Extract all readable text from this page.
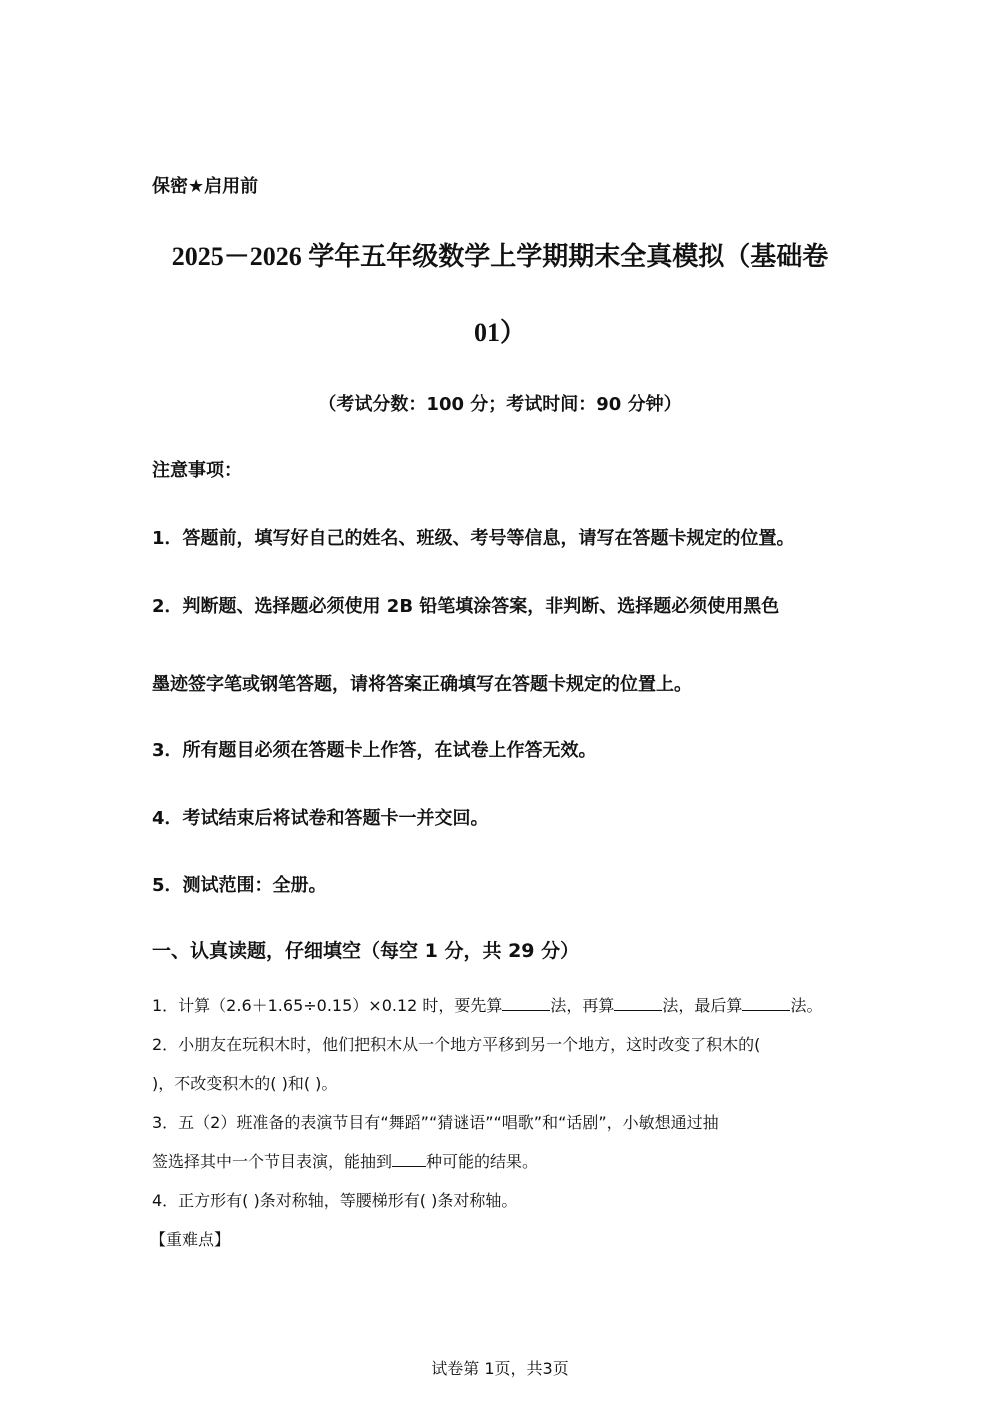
保密★启用前
2025－2026 学年五年级数学上学期期末全真模拟（基础卷
01）
（考试分数：100 分；考试时间：90 分钟）
注意事项：
1．答题前，填写好自己的姓名、班级、考号等信息，请写在答题卡规定的位置。
2．判断题、选择题必须使用 2B 铅笔填涂答案，非判断、选择题必须使用黑色
墨迹签字笔或钢笔答题，请将答案正确填写在答题卡规定的位置上。
3．所有题目必须在答题卡上作答，在试卷上作答无效。
4．考试结束后将试卷和答题卡一并交回。
5．测试范围：全册。
一、认真读题，仔细填空（每空 1 分，共 29 分）
1．计算（2.6＋1.65÷0.15）×0.12 时，要先算	法，再算	法，最后算	法。
2．小朋友在玩积木时，他们把积木从一个地方平移到另一个地方，这时改变了积木的(
)，不改变积木的( )和( )。
3．五（2）班准备的表演节目有“舞蹈”“猜谜语”“唱歌”和“话剧”，小敏想通过抽
签选择其中一个节目表演，能抽到 种可能的结果。
4．正方形有( )条对称轴，等腰梯形有( )条对称轴。
【重难点】
试卷第 1页，共3页
